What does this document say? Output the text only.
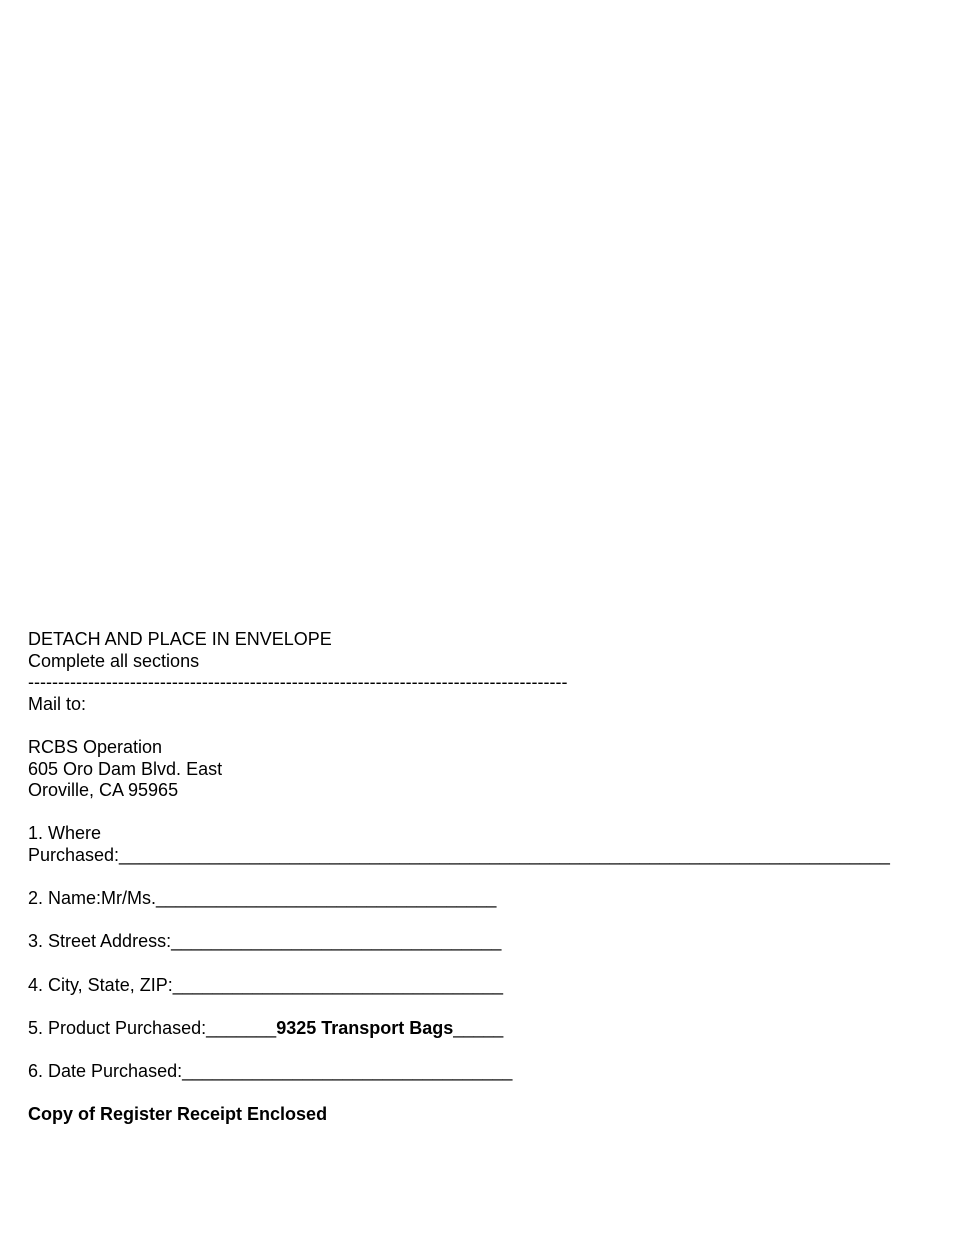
DETACH AND PLACE IN ENVELOPE
Complete all sections
------------------------------------------------------------------------------------------
Mail to:
RCBS Operation
605 Oro Dam Blvd. East
Oroville, CA 95965
1. Where
Purchased:_____________________________________________________________________________
2. Name:Mr/Ms.__________________________________
3. Street Address:_________________________________
4. City, State, ZIP:_________________________________
5. Product Purchased:_______9325 Transport Bags_____
6. Date Purchased:_________________________________
Copy of Register Receipt Enclosed
